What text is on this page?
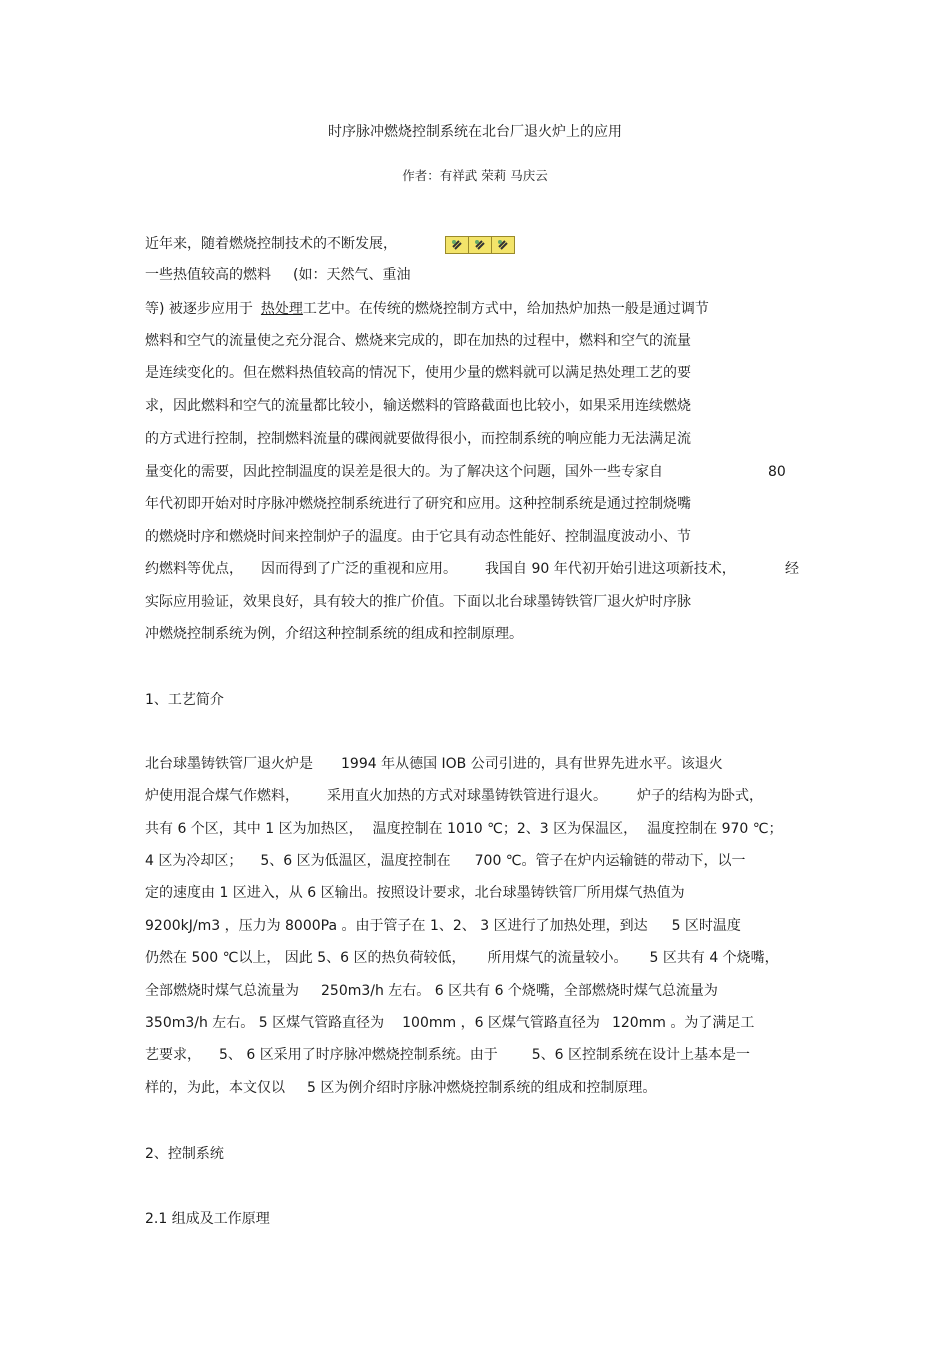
时序脉冲燃烧控制系统在北台厂退火炉上的应用
作者：有祥武 荣莉 马庆云
近年来，随着燃烧控制技术的不断发展，
一些热值较高的燃料 (如：天然气、重油
等) 被逐步应用于 热处理工艺中。在传统的燃烧控制方式中，给加热炉加热一般是通过调节
燃料和空气的流量使之充分混合、燃烧来完成的，即在加热的过程中，燃料和空气的流量
是连续变化的。但在燃料热值较高的情况下，使用少量的燃料就可以满足热处理工艺的要
求，因此燃料和空气的流量都比较小，输送燃料的管路截面也比较小，如果采用连续燃烧
的方式进行控制，控制燃料流量的碟阀就要做得很小，而控制系统的响应能力无法满足流
量变化的需要，因此控制温度的误差是很大的。为了解决这个问题，国外一些专家自	80
年代初即开始对时序脉冲燃烧控制系统进行了研究和应用。这种控制系统是通过控制烧嘴
的燃烧时序和燃烧时间来控制炉子的温度。由于它具有动态性能好、控制温度波动小、节
约燃料等优点， 因而得到了广泛的重视和应用。 我国自 90 年代初开始引进这项新技术，	经
实际应用验证，效果良好，具有较大的推广价值。下面以北台球墨铸铁管厂退火炉时序脉
冲燃烧控制系统为例，介绍这种控制系统的组成和控制原理。
1、工艺简介
北台球墨铸铁管厂退火炉是 1994 年从德国 IOB 公司引进的，具有世界先进水平。该退火
炉使用混合煤气作燃料， 采用直火加热的方式对球墨铸铁管进行退火。 炉子的结构为卧式，
共有 6 个区，其中 1 区为加热区， 温度控制在 1010 ℃；2、3 区为保温区， 温度控制在 970 ℃；
4 区为冷却区； 5、6 区为低温区，温度控制在 700 ℃。管子在炉内运输链的带动下，以一
定的速度由 1 区进入，从 6 区输出。按照设计要求，北台球墨铸铁管厂所用煤气热值为
9200kJ/m3 ，压力为 8000Pa 。由于管子在 1、2、 3 区进行了加热处理，到达 5 区时温度
仍然在 500 ℃以上， 因此 5、6 区的热负荷较低， 所用煤气的流量较小。 5 区共有 4 个烧嘴，
全部燃烧时煤气总流量为 250m3/h 左右。 6 区共有 6 个烧嘴，全部燃烧时煤气总流量为
350m3/h 左右。 5 区煤气管路直径为 100mm ，6 区煤气管路直径为 120mm 。为了满足工
艺要求， 5、 6 区采用了时序脉冲燃烧控制系统。由于 5、6 区控制系统在设计上基本是一
样的，为此，本文仅以 5 区为例介绍时序脉冲燃烧控制系统的组成和控制原理。
2、控制系统
2.1 组成及工作原理
